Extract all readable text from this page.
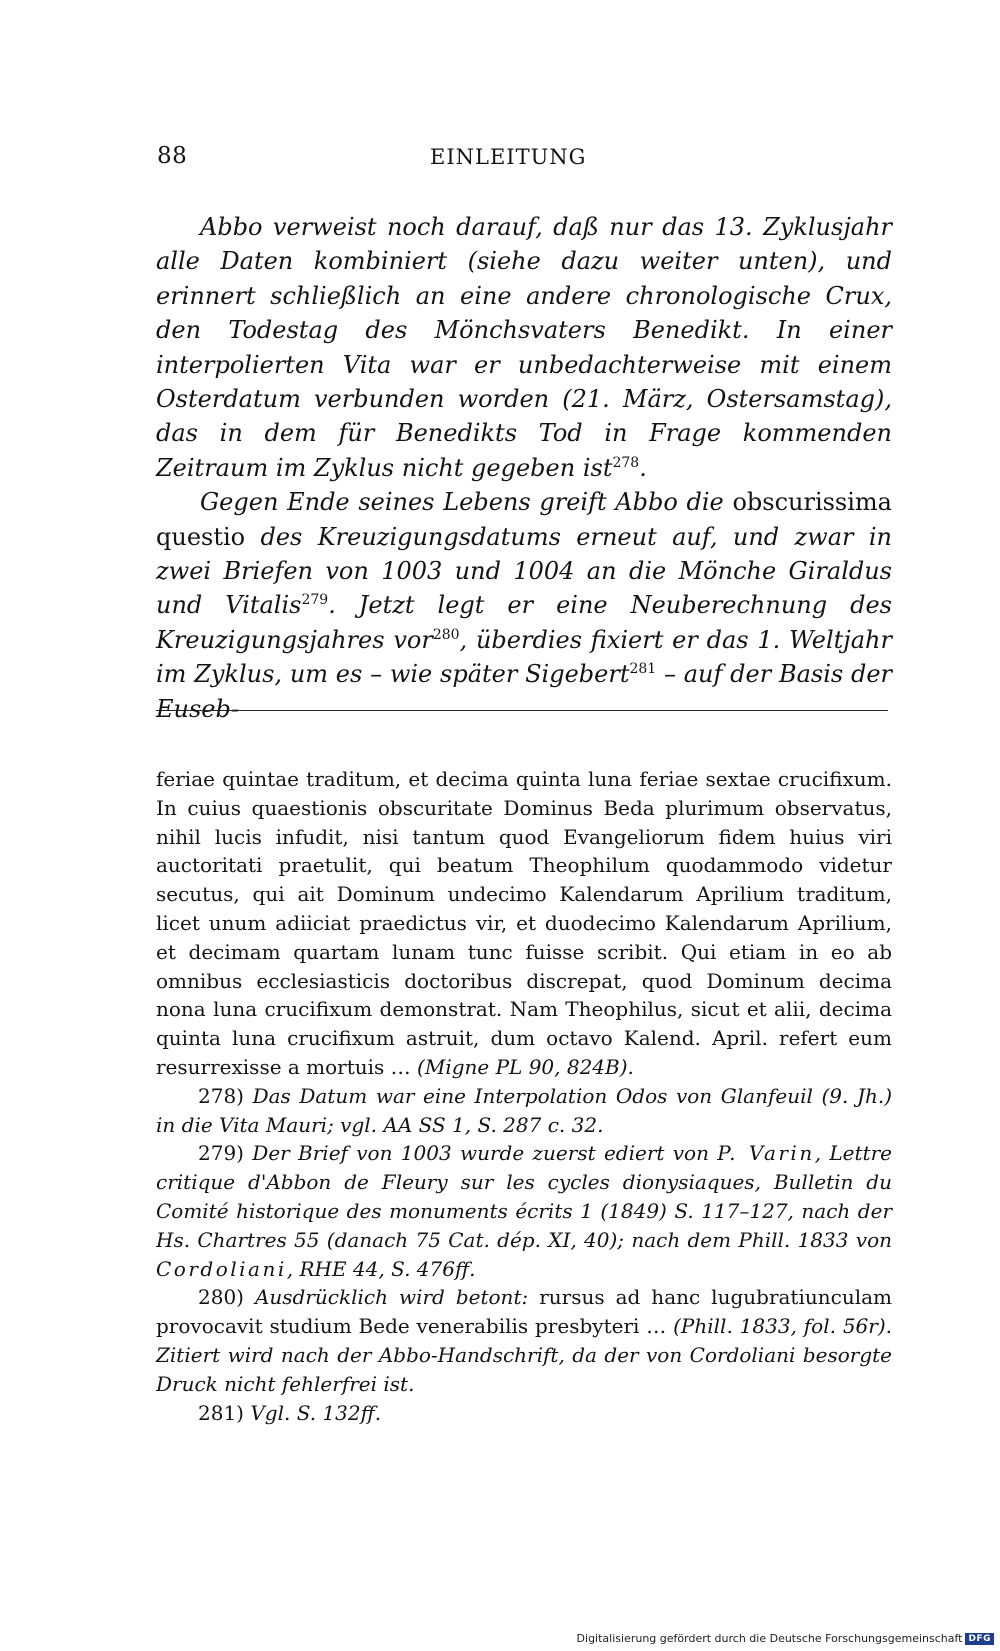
88	EINLEITUNG

Abbo verweist noch darauf, daß nur das 13. Zyklusjahr alle Daten kombiniert (siehe dazu weiter unten), und erinnert schließlich an eine andere chronologische Crux, den Todestag des Mönchsvaters Benedikt. In einer interpolierten Vita war er unbedachterweise mit einem Osterdatum verbunden worden (21. März, Ostersamstag), das in dem für Benedikts Tod in Frage kommenden Zeitraum im Zyklus nicht gegeben ist$^{278}$.

Gegen Ende seines Lebens greift Abbo die obscurissima questio des Kreuzigungsdatums erneut auf, und zwar in zwei Briefen von 1003 und 1004 an die Mönche Giraldus und Vitalis$^{279}$. Jetzt legt er eine Neuberechnung des Kreuzigungsjahres vor$^{280}$, überdies fixiert er das 1. Weltjahr im Zyklus, um es – wie später Sigebert$^{281}$ – auf der Basis der Euseb-

feriae quintae traditum, et decima quinta luna feriae sextae crucifixum. In cuius quaestionis obscuritate Dominus Beda plurimum observatus, nihil lucis infudit, nisi tantum quod Evangeliorum fidem huius viri auctoritati praetulit, qui beatum Theophilum quodammodo videtur secutus, qui ait Dominum undecimo Kalendarum Aprilium traditum, licet unum adiiciat praedictus vir, et duodecimo Kalendarum Aprilium, et decimam quartam lunam tunc fuisse scribit. Qui etiam in eo ab omnibus ecclesiasticis doctoribus discrepat, quod Dominum decima nona luna crucifixum demonstrat. Nam Theophilus, sicut et alii, decima quinta luna crucifixum astruit, dum octavo Kalend. April. refert eum resurrexisse a mortuis … (Migne PL 90, 824B).

278) Das Datum war eine Interpolation Odos von Glanfeuil (9. Jh.) in die Vita Mauri; vgl. AA SS 1, S. 287 c. 32.

279) Der Brief von 1003 wurde zuerst ediert von P. Varin, Lettre critique d'Abbon de Fleury sur les cycles dionysiaques, Bulletin du Comité historique des monuments écrits 1 (1849) S. 117–127, nach der Hs. Chartres 55 (danach 75 Cat. dép. XI, 40); nach dem Phill. 1833 von Cordoliani, RHE 44, S. 476ff.

280) Ausdrücklich wird betont: rursus ad hanc lugubratiunculam provocavit studium Bede venerabilis presbyteri … (Phill. 1833, fol. 56r). Zitiert wird nach der Abbo-Handschrift, da der von Cordoliani besorgte Druck nicht fehlerfrei ist.

281) Vgl. S. 132ff.

Digitalisierung gefördert durch die Deutsche Forschungsgemeinschaft DFG
